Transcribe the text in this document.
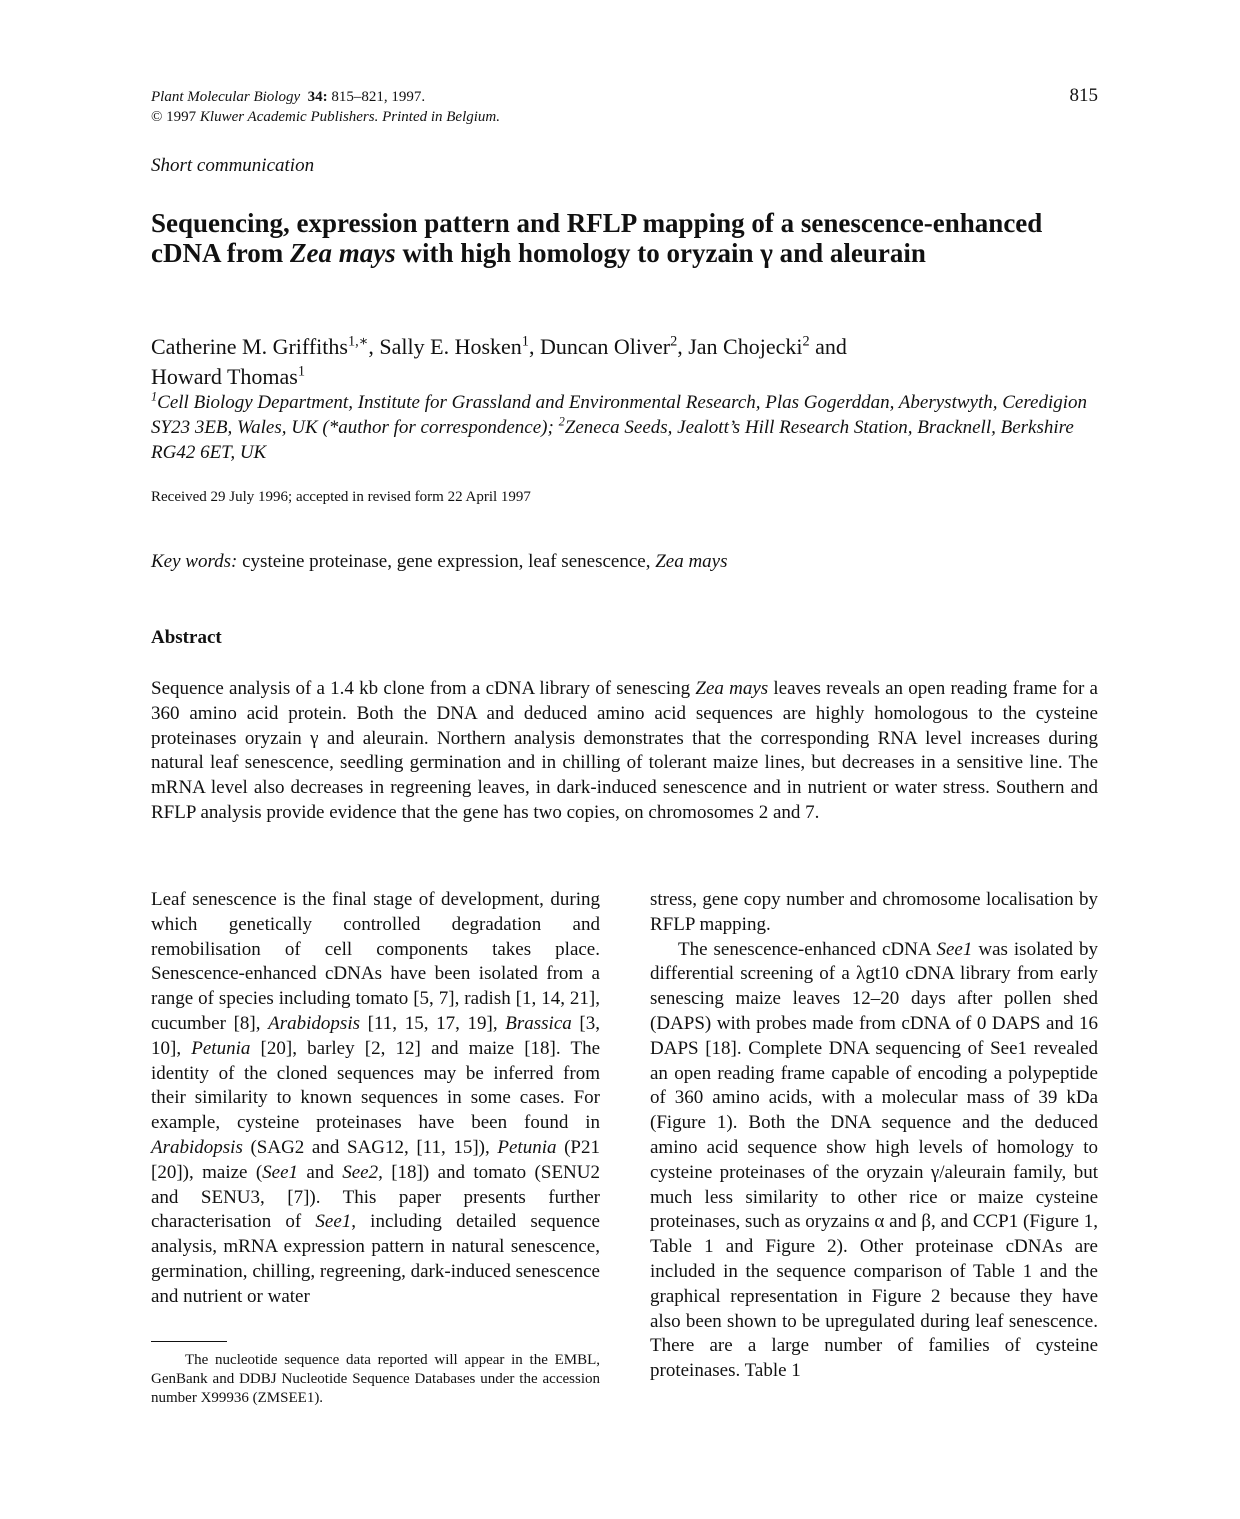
Plant Molecular Biology 34: 815–821, 1997.
© 1997 Kluwer Academic Publishers. Printed in Belgium.
815
Short communication
Sequencing, expression pattern and RFLP mapping of a senescence-enhanced cDNA from Zea mays with high homology to oryzain γ and aleurain
Catherine M. Griffiths$^{1,∗}$, Sally E. Hosken$^1$, Duncan Oliver$^2$, Jan Chojecki$^2$ and
Howard Thomas$^1$
$^1$Cell Biology Department, Institute for Grassland and Environmental Research, Plas Gogerddan, Aberystwyth, Ceredigion SY23 3EB, Wales, UK (*author for correspondence); $^2$Zeneca Seeds, Jealott’s Hill Research Station, Bracknell, Berkshire RG42 6ET, UK
Received 29 July 1996; accepted in revised form 22 April 1997
Key words: cysteine proteinase, gene expression, leaf senescence, Zea mays
Abstract
Sequence analysis of a 1.4 kb clone from a cDNA library of senescing Zea mays leaves reveals an open reading frame for a 360 amino acid protein. Both the DNA and deduced amino acid sequences are highly homologous to the cysteine proteinases oryzain γ and aleurain. Northern analysis demonstrates that the corresponding RNA level increases during natural leaf senescence, seedling germination and in chilling of tolerant maize lines, but decreases in a sensitive line. The mRNA level also decreases in regreening leaves, in dark-induced senescence and in nutrient or water stress. Southern and RFLP analysis provide evidence that the gene has two copies, on chromosomes 2 and 7.

Leaf senescence is the final stage of development, during which genetically controlled degradation and remobilisation of cell components takes place. Senescence-enhanced cDNAs have been isolated from a range of species including tomato [5, 7], radish [1, 14, 21], cucumber [8], Arabidopsis [11, 15, 17, 19], Brassica [3, 10], Petunia [20], barley [2, 12] and maize [18]. The identity of the cloned sequences may be inferred from their similarity to known sequences in some cases. For example, cysteine proteinases have been found in Arabidopsis (SAG2 and SAG12, [11, 15]), Petunia (P21 [20]), maize (See1 and See2, [18]) and tomato (SENU2 and SENU3, [7]). This paper presents further characterisation of See1, including detailed sequence analysis, mRNA expression pattern in natural senescence, germination, chilling, regreening, dark-induced senescence and nutrient or water

stress, gene copy number and chromosome localisation by RFLP mapping.

The senescence-enhanced cDNA See1 was isolated by differential screening of a λgt10 cDNA library from early senescing maize leaves 12–20 days after pollen shed (DAPS) with probes made from cDNA of 0 DAPS and 16 DAPS [18]. Complete DNA sequencing of See1 revealed an open reading frame capable of encoding a polypeptide of 360 amino acids, with a molecular mass of 39 kDa (Figure 1). Both the DNA sequence and the deduced amino acid sequence show high levels of homology to cysteine proteinases of the oryzain γ/aleurain family, but much less similarity to other rice or maize cysteine proteinases, such as oryzains α and β, and CCP1 (Figure 1, Table 1 and Figure 2). Other proteinase cDNAs are included in the sequence comparison of Table 1 and the graphical representation in Figure 2 because they have also been shown to be upregulated during leaf senescence. There are a large number of families of cysteine proteinases. Table 1

The nucleotide sequence data reported will appear in the EMBL, GenBank and DDBJ Nucleotide Sequence Databases under the accession number X99936 (ZMSEE1).
